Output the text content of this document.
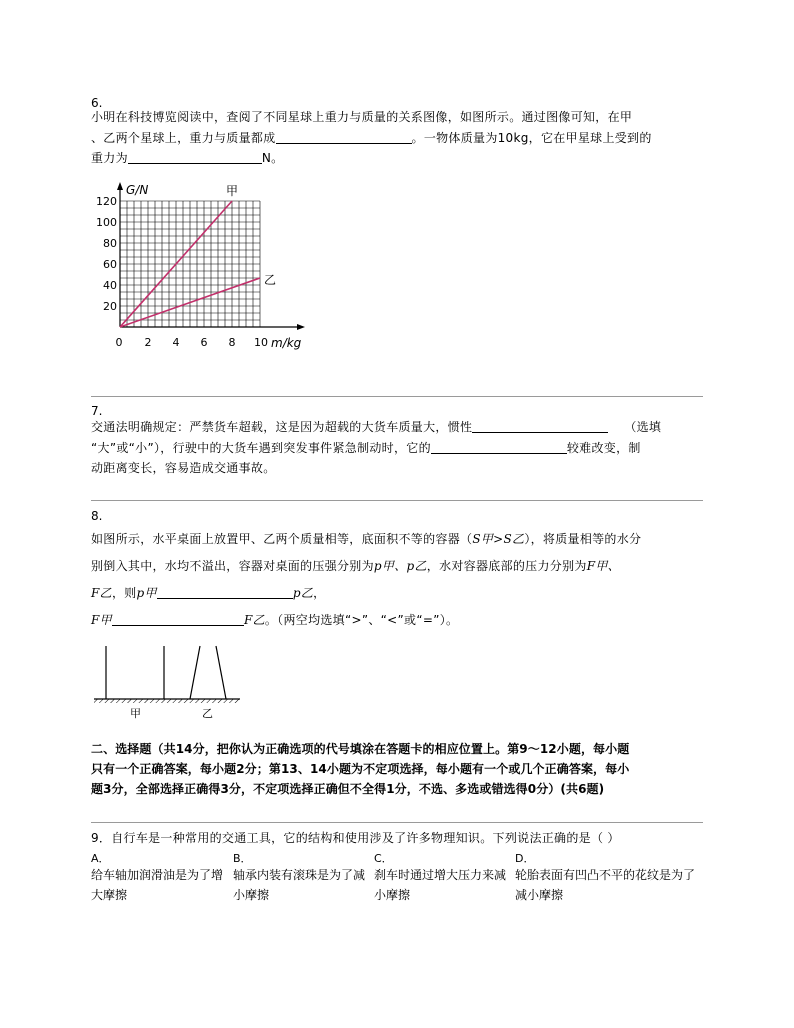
6.
小明在科技博览阅读中，查阅了不同星球上重力与质量的关系图像，如图所示。通过图像可知，在甲
、乙两个星球上，重力与质量都成	。一物体质量为10kg，它在甲星球上受到的
重力为	N。
G/N
m/kg
甲
乙
120
100
80
60
40
20
0 2 4 6 8 10
7.
交通法明确规定：严禁货车超载，这是因为超载的大货车质量大，惯性	（选填
“大”或“小”），行驶中的大货车遇到突发事件紧急制动时，它的	较难改变，制
动距离变长，容易造成交通事故。
8.
如图所示，水平桌面上放置甲、乙两个质量相等，底面积不等的容器（S甲>S乙），将质量相等的水分
别倒入其中，水均不溢出，容器对桌面的压强分别为p甲、p乙，水对容器底部的压力分别为F甲、
F乙，则p甲	p乙，
F甲	F乙。（两空均选填“>”、“<”或“=”）。
甲	乙
二、选择题（共14分，把你认为正确选项的代号填涂在答题卡的相应位置上。第9～12小题，每小题
只有一个正确答案，每小题2分；第13、14小题为不定项选择，每小题有一个或几个正确答案，每小
题3分，全部选择正确得3分，不定项选择正确但不全得1分，不选、多选或错选得0分）(共6题)
9．自行车是一种常用的交通工具，它的结构和使用涉及了许多物理知识。下列说法正确的是（ ）
A．
给车轴加润滑油是为了增大摩擦
B．
轴承内装有滚珠是为了减小摩擦
C．
刹车时通过增大压力来减小摩擦
D．
轮胎表面有凹凸不平的花纹是为了减小摩擦
